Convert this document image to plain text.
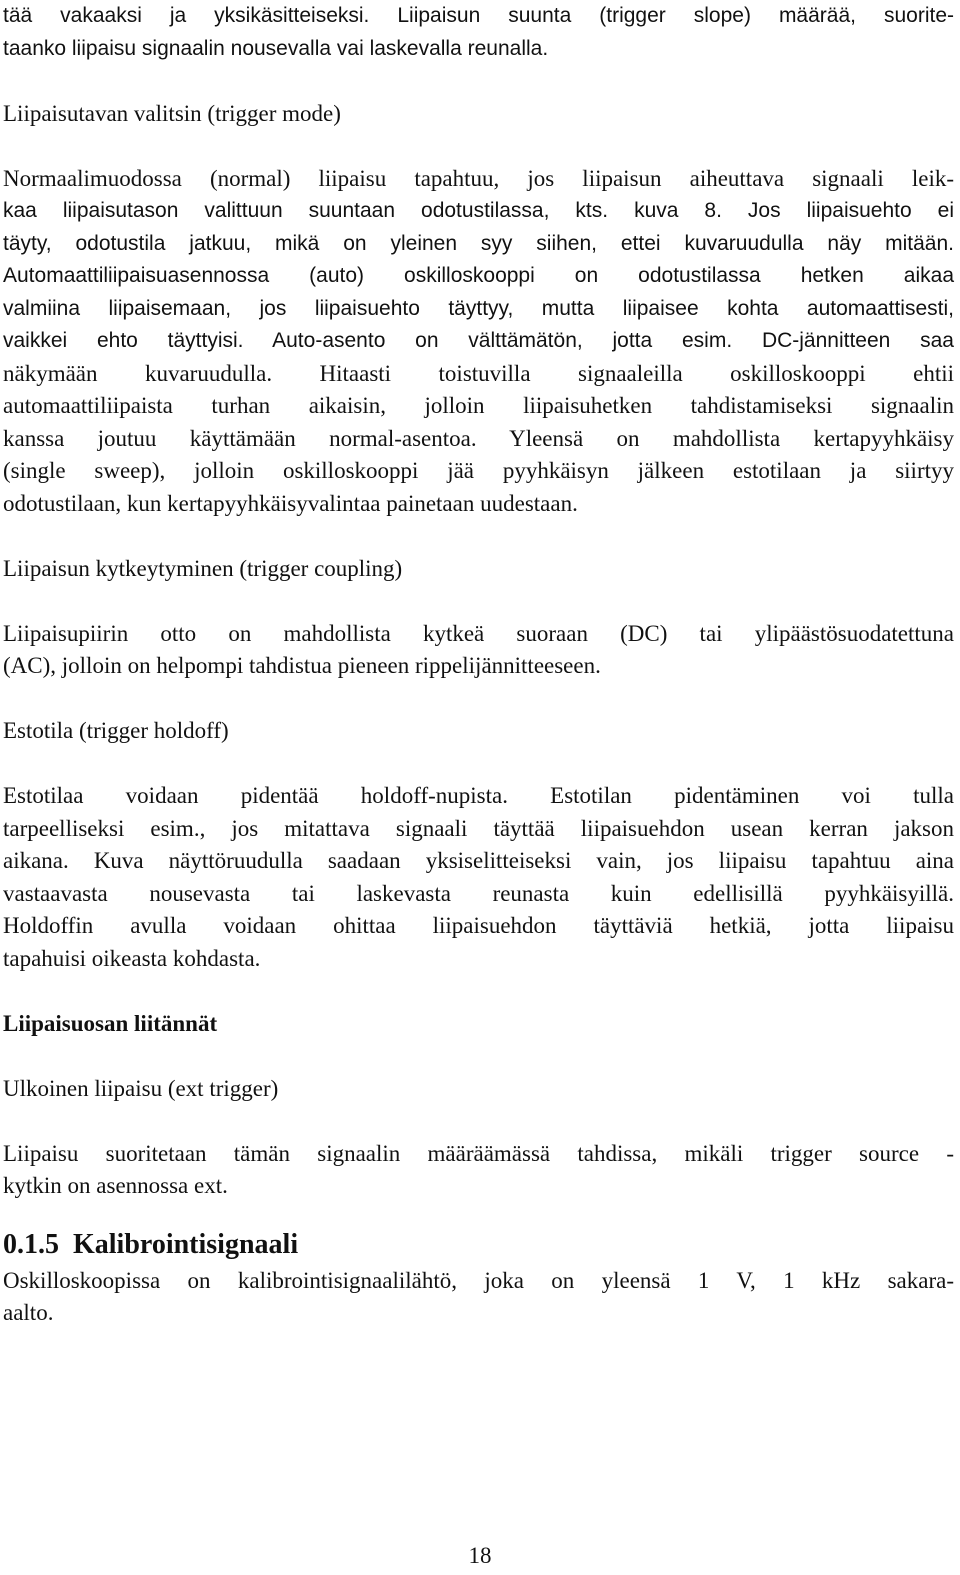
tää vakaaksi ja yksikäsitteiseksi. Liipaisun suunta (trigger slope) määrää, suorite-
taanko liipaisu signaalin nousevalla vai laskevalla reunalla.
Liipaisutavan valitsin (trigger mode)
Normaalimuodossa (normal) liipaisu tapahtuu, jos liipaisun aiheuttava signaali leik-
kaa liipaisutason valittuun suuntaan odotustilassa, kts. kuva 8. Jos liipaisuehto ei
täyty, odotustila jatkuu, mikä on yleinen syy siihen, ettei kuvaruudulla näy mitään.
Automaattiliipaisuasennossa (auto) oskilloskooppi on odotustilassa hetken aikaa
valmiina liipaisemaan, jos liipaisuehto täyttyy, mutta liipaisee kohta automaattisesti,
vaikkei ehto täyttyisi. Auto-asento on välttämätön, jotta esim. DC-jännitteen saa
näkymään kuvaruudulla. Hitaasti toistuvilla signaaleilla oskilloskooppi ehtii
automaattiliipaista turhan aikaisin, jolloin liipaisuhetken tahdistamiseksi signaalin
kanssa joutuu käyttämään normal-asentoa. Yleensä on mahdollista kertapyyhkäisy
(single sweep), jolloin oskilloskooppi jää pyyhkäisyn jälkeen estotilaan ja siirtyy
odotustilaan, kun kertapyyhkäisyvalintaa painetaan uudestaan.
Liipaisun kytkeytyminen (trigger coupling)
Liipaisupiirin otto on mahdollista kytkeä suoraan (DC) tai ylipäästösuodatettuna
(AC), jolloin on helpompi tahdistua pieneen rippelijännitteeseen.
Estotila (trigger holdoff)
Estotilaa voidaan pidentää holdoff-nupista. Estotilan pidentäminen voi tulla
tarpeelliseksi esim., jos mitattava signaali täyttää liipaisuehdon usean kerran jakson
aikana. Kuva näyttöruudulla saadaan yksiselitteiseksi vain, jos liipaisu tapahtuu aina
vastaavasta nousevasta tai laskevasta reunasta kuin edellisillä pyyhkäisyillä.
Holdoffin avulla voidaan ohittaa liipaisuehdon täyttäviä hetkiä, jotta liipaisu
tapahuisi oikeasta kohdasta.
Liipaisuosan liitännät
Ulkoinen liipaisu (ext trigger)
Liipaisu suoritetaan tämän signaalin määräämässä tahdissa, mikäli trigger source -
kytkin on asennossa ext.
0.1.5 Kalibrointisignaali
Oskilloskoopissa on kalibrointisignaalilähtö, joka on yleensä 1 V, 1 kHz sakara-
aalto.
18
